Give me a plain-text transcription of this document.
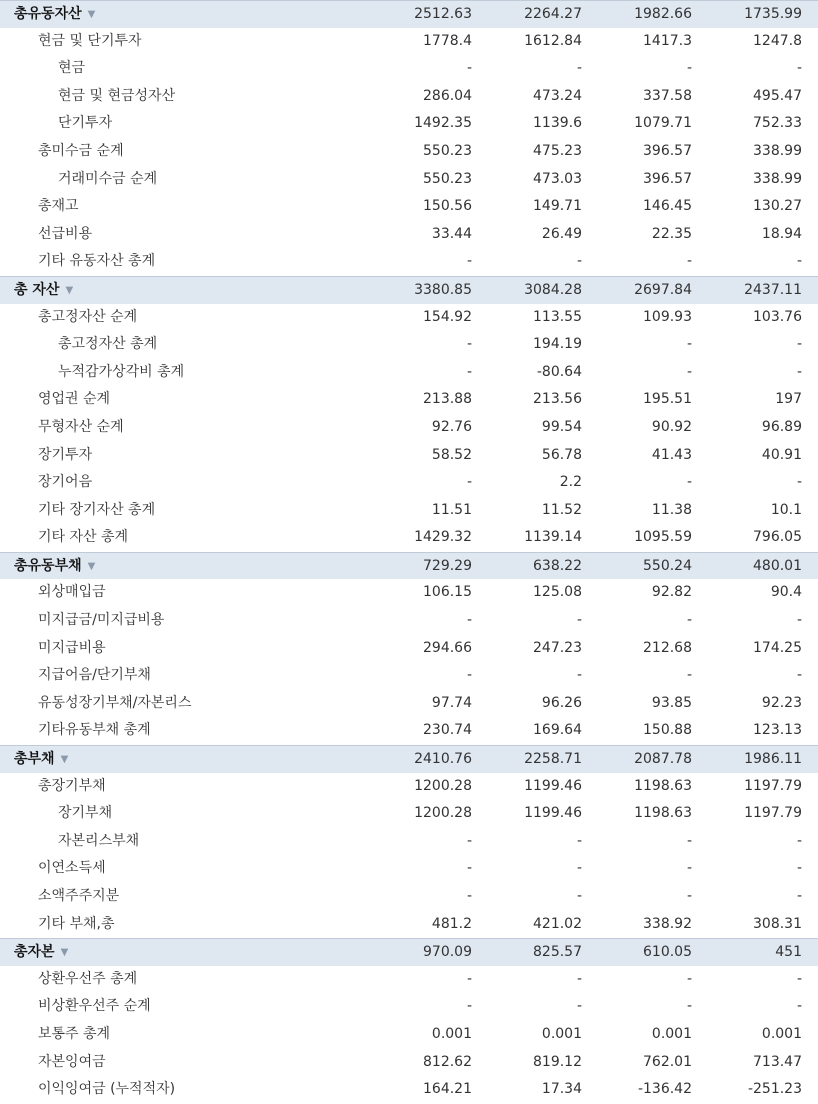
총유동자산 ▼	2512.63	2264.27	1982.66	1735.99
현금 및 단기투자	1778.4	1612.84	1417.3	1247.8
현금	-	-	-	-
현금 및 현금성자산	286.04	473.24	337.58	495.47
단기투자	1492.35	1139.6	1079.71	752.33
총미수금 순계	550.23	475.23	396.57	338.99
거래미수금 순계	550.23	473.03	396.57	338.99
총재고	150.56	149.71	146.45	130.27
선급비용	33.44	26.49	22.35	18.94
기타 유동자산 총계	-	-	-	-
총 자산 ▼	3380.85	3084.28	2697.84	2437.11
총고정자산 순계	154.92	113.55	109.93	103.76
총고정자산 총계	-	194.19	-	-
누적감가상각비 총계	-	-80.64	-	-
영업권 순계	213.88	213.56	195.51	197
무형자산 순계	92.76	99.54	90.92	96.89
장기투자	58.52	56.78	41.43	40.91
장기어음	-	2.2	-	-
기타 장기자산 총계	11.51	11.52	11.38	10.1
기타 자산 총계	1429.32	1139.14	1095.59	796.05
총유동부채 ▼	729.29	638.22	550.24	480.01
외상매입금	106.15	125.08	92.82	90.4
미지급금/미지급비용	-	-	-	-
미지급비용	294.66	247.23	212.68	174.25
지급어음/단기부채	-	-	-	-
유동성장기부채/자본리스	97.74	96.26	93.85	92.23
기타유동부채 총계	230.74	169.64	150.88	123.13
총부채 ▼	2410.76	2258.71	2087.78	1986.11
총장기부채	1200.28	1199.46	1198.63	1197.79
장기부채	1200.28	1199.46	1198.63	1197.79
자본리스부채	-	-	-	-
이연소득세	-	-	-	-
소액주주지분	-	-	-	-
기타 부채,총	481.2	421.02	338.92	308.31
총자본 ▼	970.09	825.57	610.05	451
상환우선주 총계	-	-	-	-
비상환우선주 순계	-	-	-	-
보통주 총계	0.001	0.001	0.001	0.001
자본잉여금	812.62	819.12	762.01	713.47
이익잉여금 (누적적자)	164.21	17.34	-136.42	-251.23
